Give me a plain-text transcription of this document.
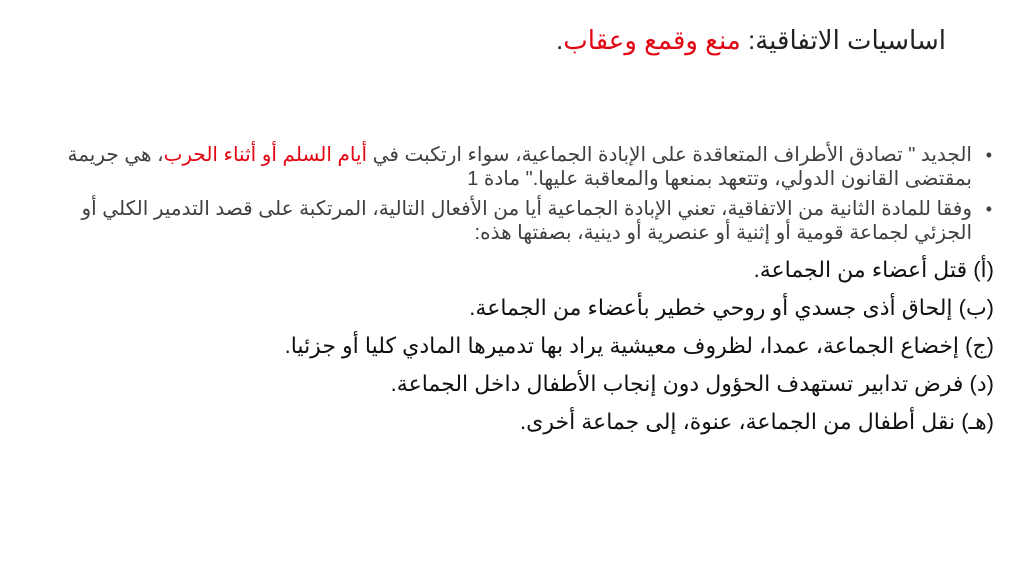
اساسيات الاتفاقية: منع وقمع وعقاب.
•
الجديد " تصادق الأطراف المتعاقدة على الإبادة الجماعية، سواء ارتكبت في أيام السلم أو أثناء الحرب، هي جريمة بمقتضى القانون الدولي، وتتعهد بمنعها والمعاقبة عليها." مادة 1
•
وفقا للمادة الثانية من الاتفاقية، تعني الإبادة الجماعية أيا من الأفعال التالية، المرتكبة على قصد التدمير الكلي أو الجزئي لجماعة قومية أو إثنية أو عنصرية أو دينية، بصفتها هذه:
(أ) قتل أعضاء من الجماعة.
(ب) إلحاق أذى جسدي أو روحي خطير بأعضاء من الجماعة.
(ج) إخضاع الجماعة، عمدا، لظروف معيشية يراد بها تدميرها المادي كليا أو جزئيا.
(د) فرض تدابير تستهدف الحؤول دون إنجاب الأطفال داخل الجماعة.
(هـ) نقل أطفال من الجماعة، عنوة، إلى جماعة أخرى.
